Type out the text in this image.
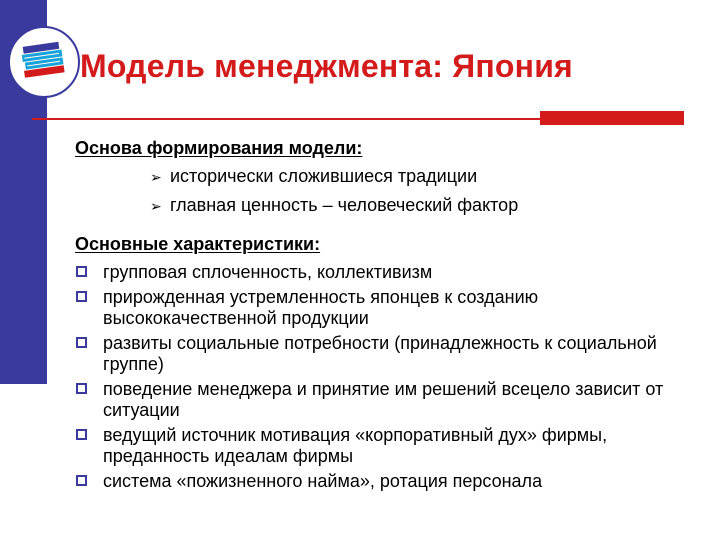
Модель менеджмента: Япония
Основа формирования модели:
➢ исторически сложившиеся традиции
➢ главная ценность – человеческий фактор
Основные характеристики:
групповая сплоченность, коллективизм
прирожденная устремленность японцев к созданию высококачественной продукции
развиты социальные потребности (принадлежность к социальной группе)
поведение менеджера и принятие им решений всецело зависит от ситуации
ведущий источник мотивация «корпоративный дух» фирмы, преданность идеалам фирмы
система «пожизненного найма», ротация персонала
